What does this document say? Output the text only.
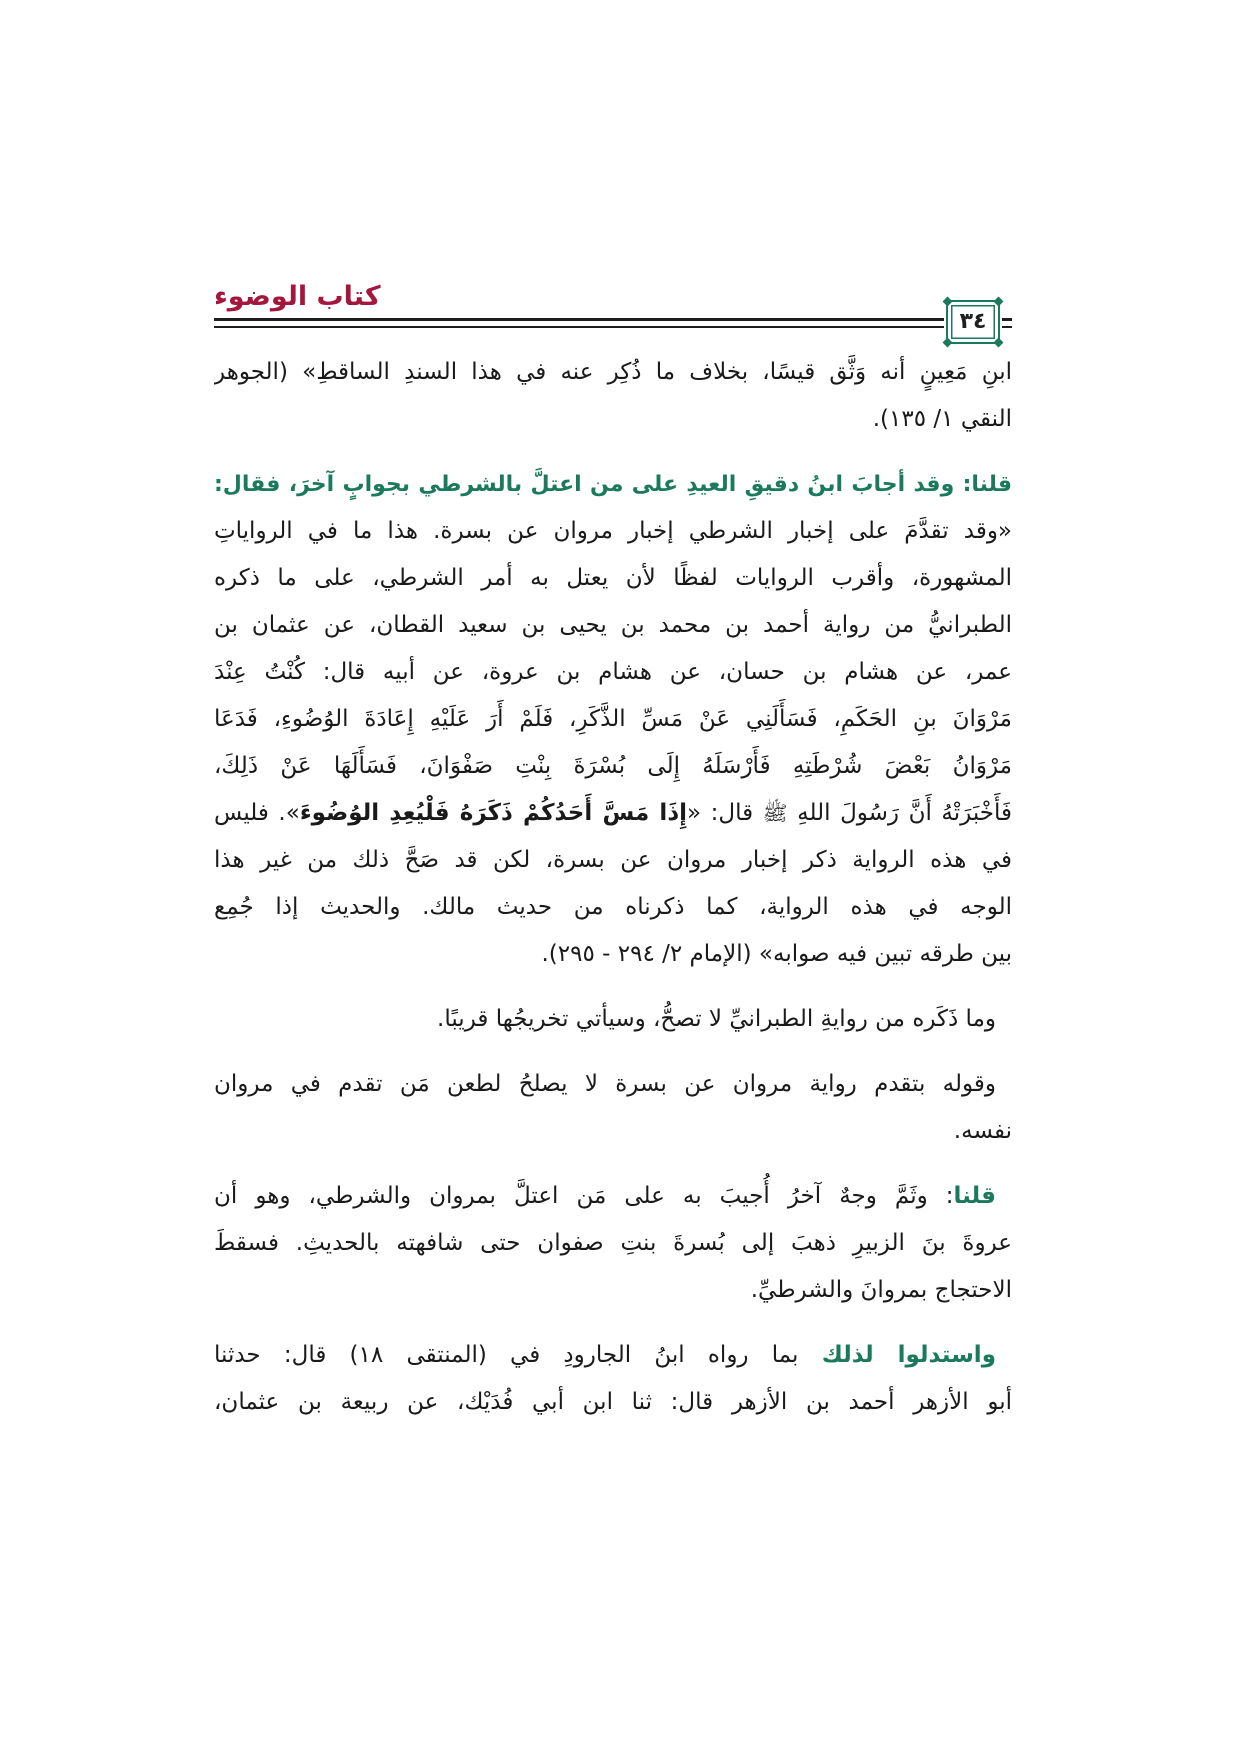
كتاب الوضوء
٣٤
ابنِ مَعِينٍ أنه وَثَّق قيسًا، بخلاف ما ذُكِر عنه في هذا السندِ الساقطِ» (الجوهر
النقي ١/ ١٣٥).
قلنا: وقد أجابَ ابنُ دقيقِ العيدِ على من اعتلَّ بالشرطي بجوابٍ آخرَ، فقال:
«وقد تقدَّمَ على إخبار الشرطي إخبار مروان عن بسرة. هذا ما في الرواياتِ
المشهورة، وأقرب الروايات لفظًا لأن يعتل به أمر الشرطي، على ما ذكره
الطبرانيُّ من رواية أحمد بن محمد بن يحيى بن سعيد القطان، عن عثمان بن
عمر، عن هشام بن حسان، عن هشام بن عروة، عن أبيه قال: كُنْتُ عِنْدَ
مَرْوَانَ بنِ الحَكَمِ، فَسَأَلَنِي عَنْ مَسِّ الذَّكَرِ، فَلَمْ أَرَ عَلَيْهِ إِعَادَةَ الوُضُوءِ، فَدَعَا
مَرْوَانُ بَعْضَ شُرْطَتِهِ فَأَرْسَلَهُ إِلَى بُسْرَةَ بِنْتِ صَفْوَانَ، فَسَأَلَهَا عَنْ ذَلِكَ،
فَأَخْبَرَتْهُ أَنَّ رَسُولَ اللهِ ﷺ قال: «إِذَا مَسَّ أَحَدُكُمْ ذَكَرَهُ فَلْيُعِدِ الوُضُوءَ». فليس
في هذه الرواية ذكر إخبار مروان عن بسرة، لكن قد صَحَّ ذلك من غير هذا
الوجه في هذه الرواية، كما ذكرناه من حديث مالك. والحديث إذا جُمِع
بين طرقه تبين فيه صوابه» (الإمام ٢/ ٢٩٤ - ٢٩٥).
وما ذَكَره من روايةِ الطبرانيِّ لا تصحُّ، وسيأتي تخريجُها قريبًا.
وقوله بتقدم رواية مروان عن بسرة لا يصلحُ لطعن مَن تقدم في مروان
نفسه.
قلنا: وثَمَّ وجهٌ آخرُ أُجيبَ به على مَن اعتلَّ بمروان والشرطي، وهو أن
عروةَ بنَ الزبيرِ ذهبَ إلى بُسرةَ بنتِ صفوان حتى شافهته بالحديثِ. فسقطَ
الاحتجاج بمروانَ والشرطيِّ.
واستدلوا لذلك بما رواه ابنُ الجارودِ في (المنتقى ١٨) قال: حدثنا
أبو الأزهر أحمد بن الأزهر قال: ثنا ابن أبي فُدَيْك، عن ربيعة بن عثمان،
